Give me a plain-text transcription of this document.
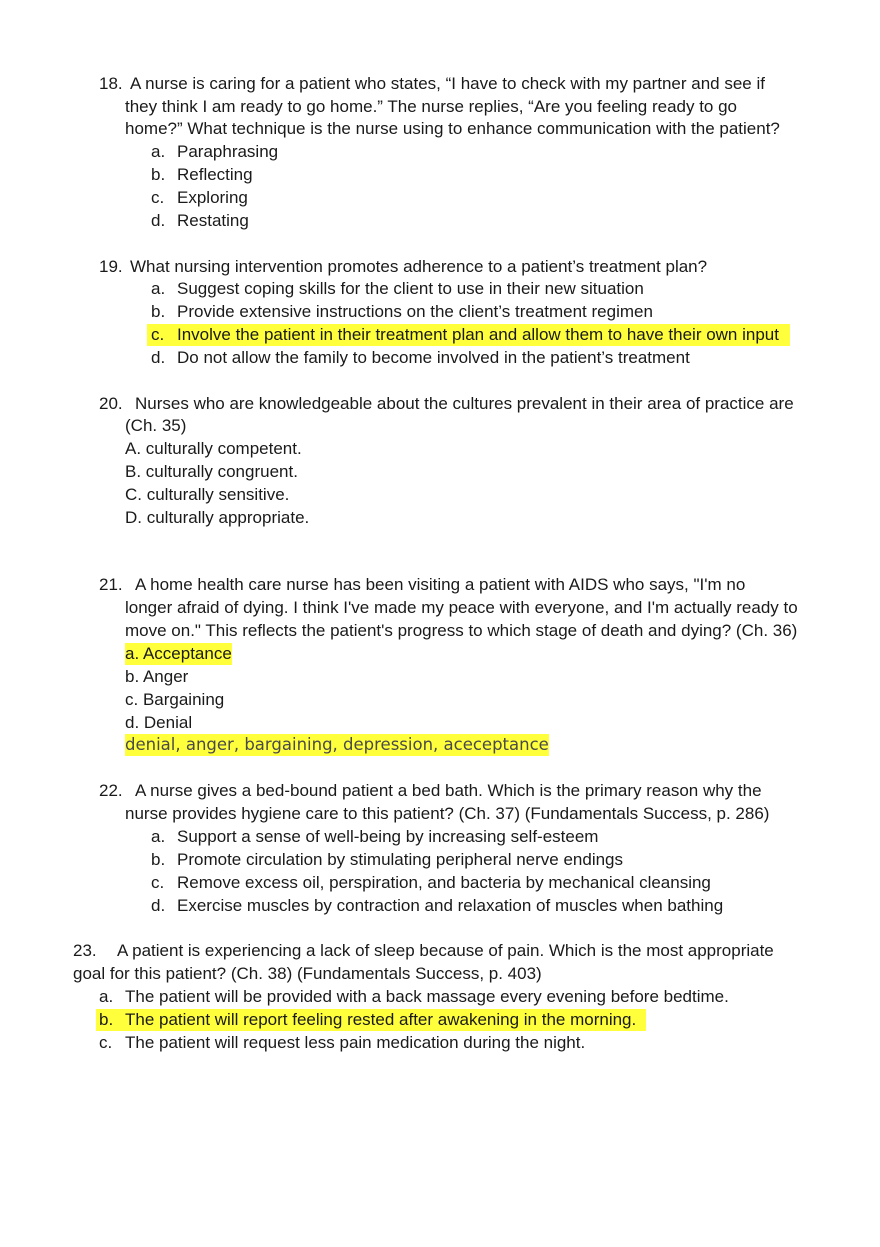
18. A nurse is caring for a patient who states, “I have to check with my partner and see if
they think I am ready to go home.” The nurse replies, “Are you feeling ready to go
home?” What technique is the nurse using to enhance communication with the patient?
a. Paraphrasing
b. Reflecting
c. Exploring
d. Restating
19. What nursing intervention promotes adherence to a patient’s treatment plan?
a. Suggest coping skills for the client to use in their new situation
b. Provide extensive instructions on the client’s treatment regimen
c. Involve the patient in their treatment plan and allow them to have their own input
d. Do not allow the family to become involved in the patient’s treatment
20. Nurses who are knowledgeable about the cultures prevalent in their area of practice are
(Ch. 35)
A. culturally competent.
B. culturally congruent.
C. culturally sensitive.
D. culturally appropriate.
21. A home health care nurse has been visiting a patient with AIDS who says, "I'm no
longer afraid of dying. I think I've made my peace with everyone, and I'm actually ready to
move on." This reflects the patient's progress to which stage of death and dying? (Ch. 36)
a. Acceptance
b. Anger
c. Bargaining
d. Denial
denial, anger, bargaining, depression, aceceptance
22. A nurse gives a bed-bound patient a bed bath. Which is the primary reason why the
nurse provides hygiene care to this patient? (Ch. 37) (Fundamentals Success, p. 286)
a. Support a sense of well-being by increasing self-esteem
b. Promote circulation by stimulating peripheral nerve endings
c. Remove excess oil, perspiration, and bacteria by mechanical cleansing
d. Exercise muscles by contraction and relaxation of muscles when bathing
23. A patient is experiencing a lack of sleep because of pain. Which is the most appropriate
goal for this patient? (Ch. 38) (Fundamentals Success, p. 403)
a. The patient will be provided with a back massage every evening before bedtime.
b. The patient will report feeling rested after awakening in the morning.
c. The patient will request less pain medication during the night.
